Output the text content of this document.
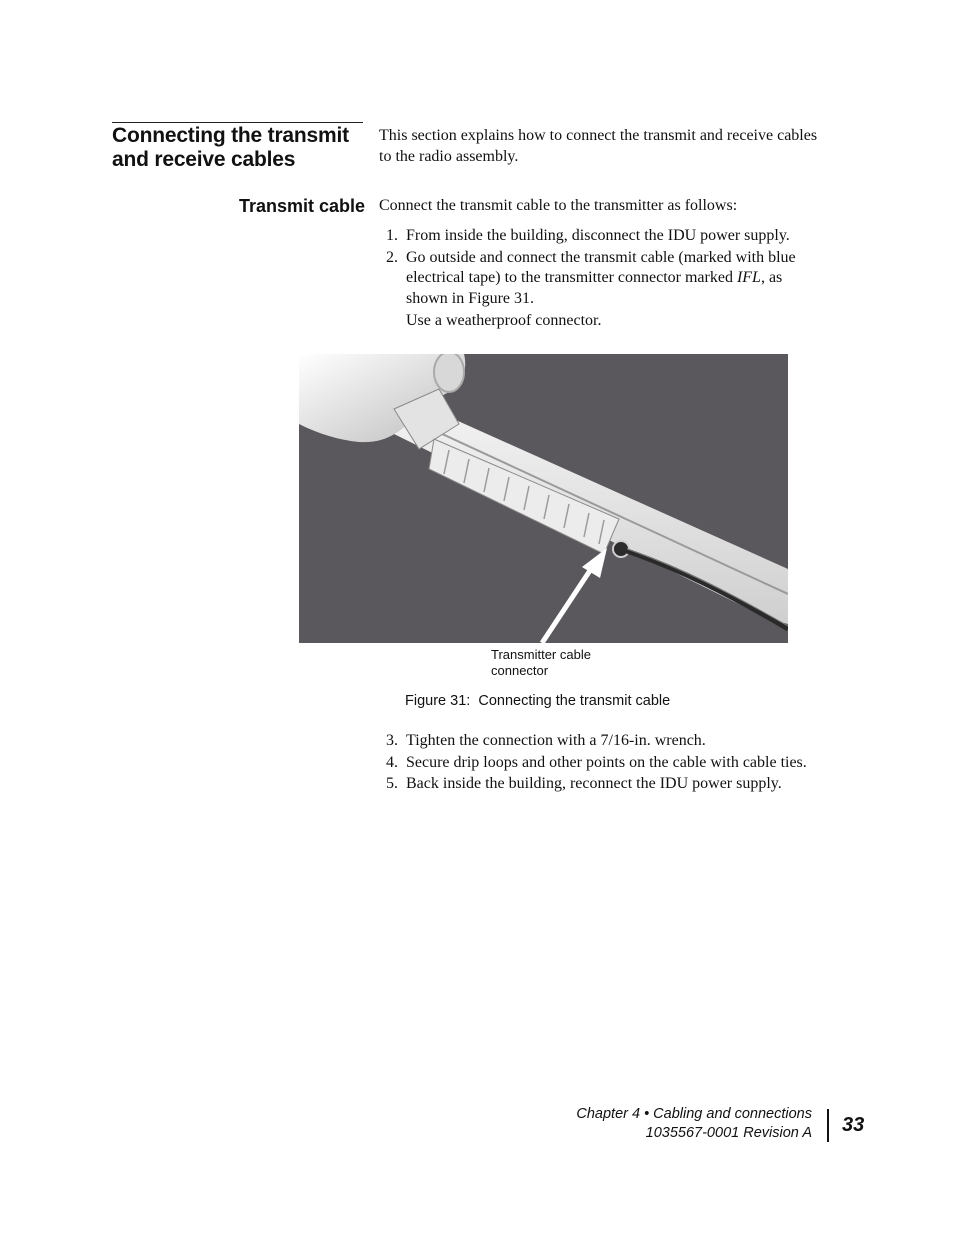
Connecting the transmit and receive cables

This section explains how to connect the transmit and receive cables to the radio assembly.

Transmit cable Connect the transmit cable to the transmitter as follows:

1. From inside the building, disconnect the IDU power supply.
2. Go outside and connect the transmit cable (marked with blue electrical tape) to the transmitter connector marked IFL, as shown in Figure 31.
Use a weatherproof connector.

Transmitter cable
connector

Figure 31:  Connecting the transmit cable

3. Tighten the connection with a 7/16-in. wrench.
4. Secure drip loops and other points on the cable with cable ties.
5. Back inside the building, reconnect the IDU power supply.
Chapter 4 • Cabling and connections
1035567-0001 Revision A 33
